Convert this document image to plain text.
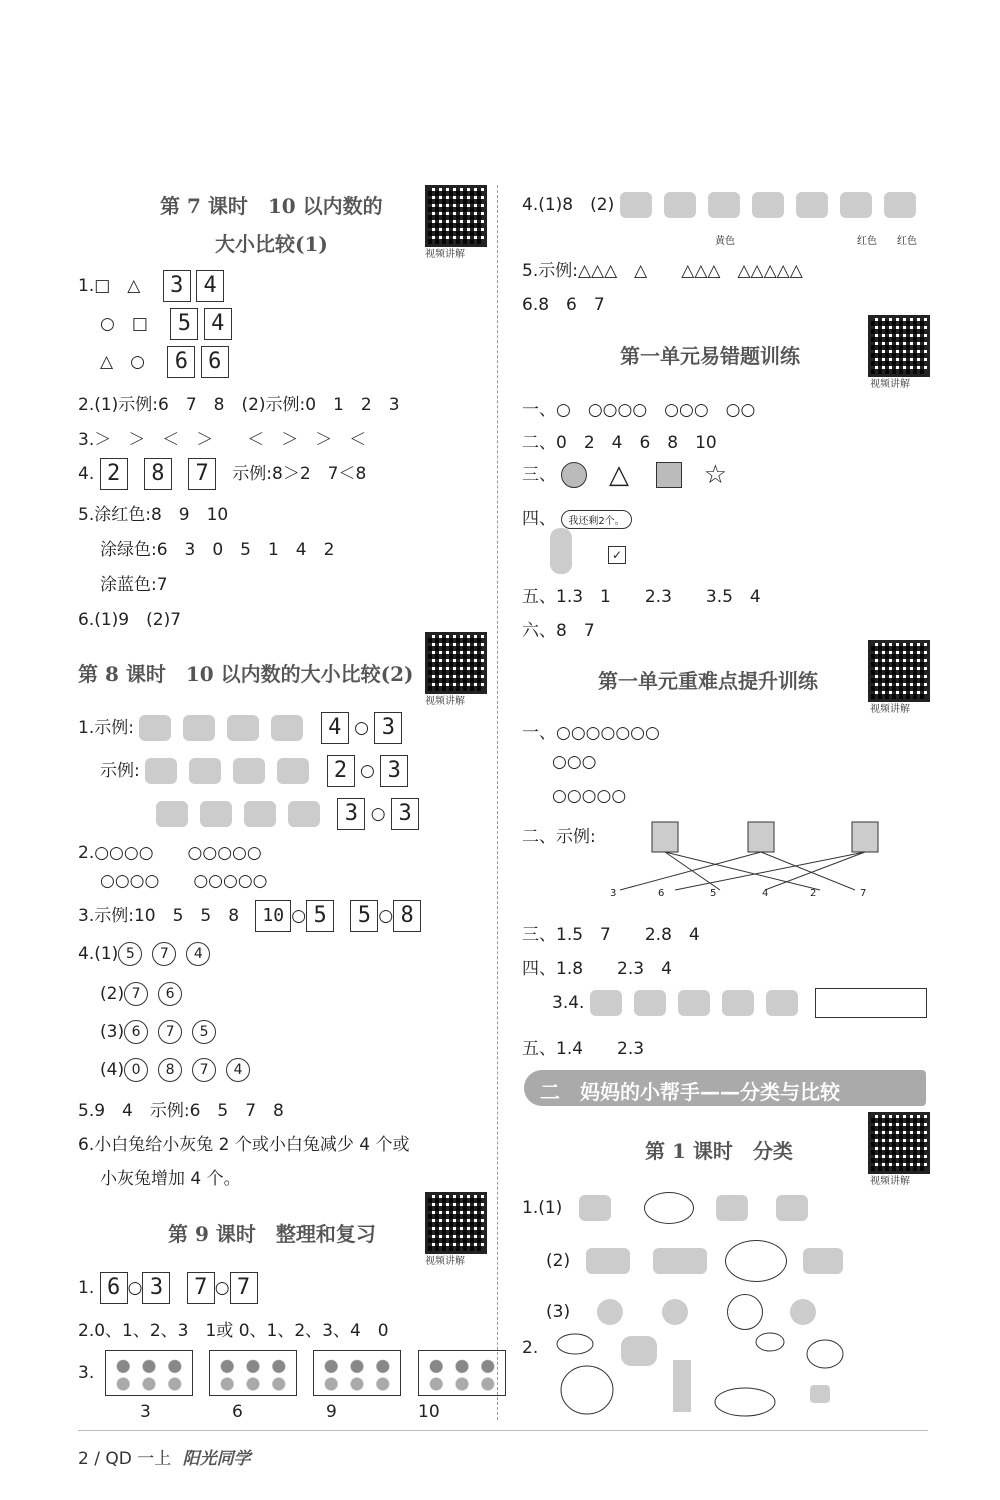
第 7 课时　10 以内数的
大小比较(1)	视频讲解
1.□　△　 3 4
○　□　 5 4
△　○　 6 6
2.(1)示例:6　7　8　(2)示例:0　1　2　3
3.＞　＞　＜　＞　　＜　＞　＞　＜
4. 2 8 7 示例:8＞2　7＜8
5.涂红色:8　9　10
涂绿色:6　3　0　5　1　4　2
涂蓝色:7
6.(1)9　(2)7
第 8 课时　10 以内数的大小比较(2)
视频讲解
1.示例:	4 ○ 3
示例:	2 ○ 3
3 ○ 3
2.○○○○　　○○○○○
○○○○　　○○○○○
3.示例:10　5　5　8 10 ○ 5 5 ○ 8
4.(1) 5 7 4
(2) 7 6
(3) 6 7 5
(4) 0 8 7 4
5.9　4　示例:6　5　7　8
6.小白兔给小灰兔 2 个或小白兔减少 4 个或
小灰兔增加 4 个。
第 9 课时　整理和复习
视频讲解
1. 6 ○ 3 7 ○ 7
2.0、1、2、3　1或 0、1、2、3、4　0
3.
3	6	9	10
4.(1)8　(2)
黄色	红色 红色
5.示例:△△△　△　　△△△　△△△△△
6.8　6　7
第一单元易错题训练
视频讲解
一、○　○○○○　○○○　○○
二、0　2　4　6　8　10
三、 △	☆
四、 我还剩2个。
✓
五、1.3　1　　2.3　　3.5　4
六、8　7
第一单元重难点提升训练
视频讲解
一、○○○○○○○
○○○
○○○○○
二、示例:
3	6	5	4	2	7
三、1.5　7　　2.8　4
四、1.8　　2.3　4
3.4.
五、1.4　　2.3
二　妈妈的小帮手——分类与比较
第 1 课时　分类
视频讲解
1.(1)
(2)
(3)
2.
2 / QD 一上 阳光同学
